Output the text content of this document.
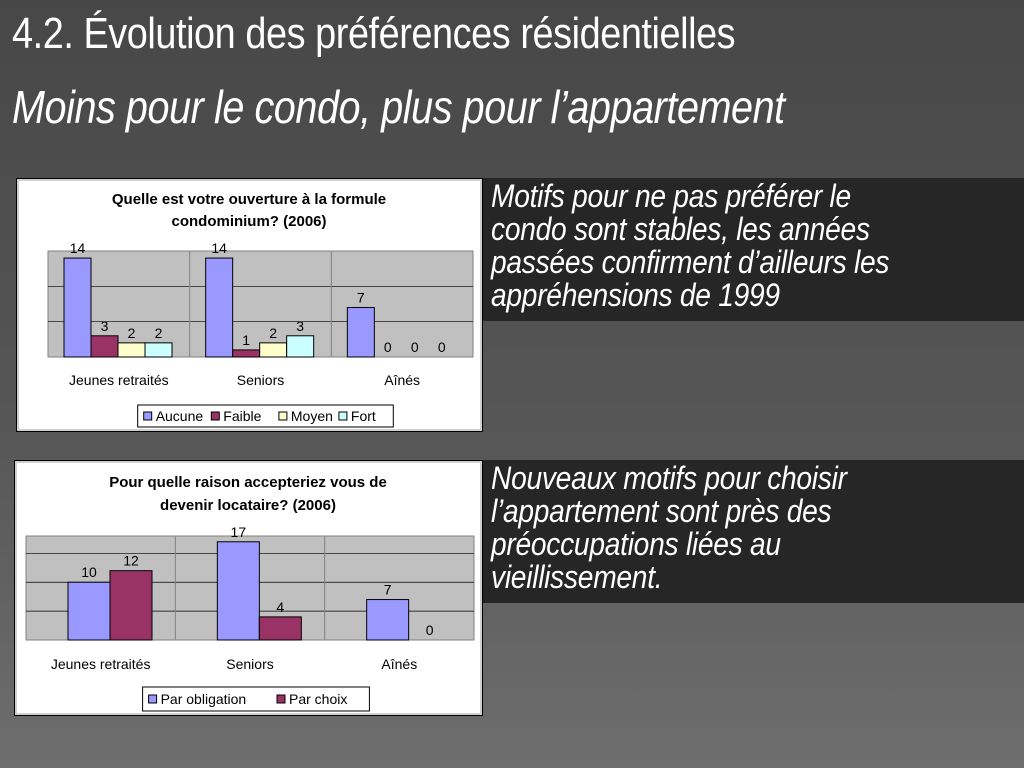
4.2. Évolution des préférences résidentielles
Moins pour le condo, plus pour l’appartement
Motifs pour ne pas préférer le
condo sont stables, les années
passées confirment d’ailleurs les
appréhensions de 1999
Nouveaux motifs pour choisir
l’appartement sont près des
préoccupations liées au
vieillissement.
Quelle est votre ouverture à la formule
condominium? (2006)
14
3 2 2
Jeunes retraités
14
1 2 3
Seniors
7
0 0 0
Aînés
Aucune Faible Moyen Fort
Pour quelle raison accepteriez vous de
devenir locataire? (2006)
10
12
Jeunes retraités
17
4
Seniors
7
0
Aînés
Par obligation	Par choix
